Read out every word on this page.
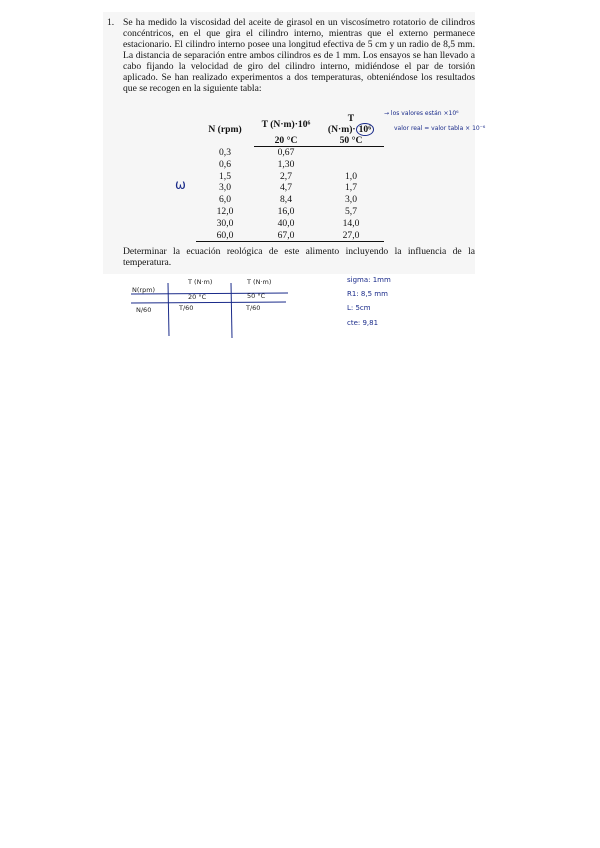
1. Se ha medido la viscosidad del aceite de girasol en un viscosímetro rotatorio de cilindros concéntricos, en el que gira el cilindro interno, mientras que el externo permanece estacionario. El cilindro interno posee una longitud efectiva de 5 cm y un radio de 8,5 mm. La distancia de separación entre ambos cilindros es de 1 mm. Los ensayos se han llevado a cabo fijando la velocidad de giro del cilindro interno, midiéndose el par de torsión aplicado. Se han realizado experimentos a dos temperaturas, obteniéndose los resultados que se recogen en la siguiente tabla:
N (rpm)	T (N·m)·10⁶	T (N·m)· 10⁶
	20 °C	50 °C
0,3	0,67	
0,6	1,30	
1,5	2,7	1,0
3,0	4,7	1,7
6,0	8,4	3,0
12,0	16,0	5,7
30,0	40,0	14,0
60,0	67,0	27,0
Determinar la ecuación reológica de este alimento incluyendo la influencia de la temperatura.
→ los valores están ×10⁶
valor real = valor tabla × 10⁻⁶
ω
T (N·m)	T (N·m)
N(rpm)
20 °C	50 °C
N/60	T/60	T/60
sigma: 1mm
R1: 8,5 mm
L: 5cm
cte: 9,81
